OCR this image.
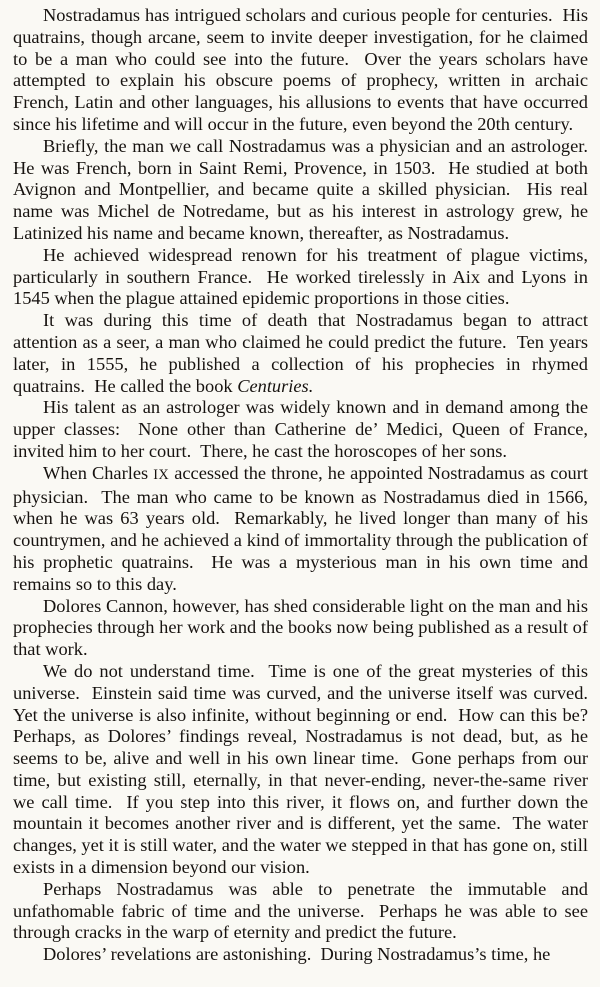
Nostradamus has intrigued scholars and curious people for centuries.  His quatrains, though arcane, seem to invite deeper investigation, for he claimed to be a man who could see into the future.  Over the years scholars have attempted to explain his obscure poems of prophecy, written in archaic French, Latin and other languages, his allusions to events that have occurred since his lifetime and will occur in the future, even beyond the 20th century.

Briefly, the man we call Nostradamus was a physician and an astrologer.  He was French, born in Saint Remi, Provence, in 1503.  He studied at both Avignon and Montpellier, and became quite a skilled physician.  His real name was Michel de Notredame, but as his interest in astrology grew, he Latinized his name and became known, thereafter, as Nostradamus.

He achieved widespread renown for his treatment of plague victims, particularly in southern France.  He worked tirelessly in Aix and Lyons in 1545 when the plague attained epidemic proportions in those cities.

It was during this time of death that Nostradamus began to attract attention as a seer, a man who claimed he could predict the future.  Ten years later, in 1555, he published a collection of his prophecies in rhymed quatrains.  He called the book Centuries.

His talent as an astrologer was widely known and in demand among the upper classes:  None other than Catherine de’ Medici, Queen of France, invited him to her court.  There, he cast the horoscopes of her sons.

When Charles IX accessed the throne, he appointed Nostradamus as court physician.  The man who came to be known as Nostradamus died in 1566, when he was 63 years old.  Remarkably, he lived longer than many of his countrymen, and he achieved a kind of immortality through the publication of his prophetic quatrains.  He was a mysterious man in his own time and remains so to this day.

Dolores Cannon, however, has shed considerable light on the man and his prophecies through her work and the books now being published as a result of that work.

We do not understand time.  Time is one of the great mysteries of this universe.  Einstein said time was curved, and the universe itself was curved.  Yet the universe is also infinite, without beginning or end.  How can this be?  Perhaps, as Dolores’ findings reveal, Nostradamus is not dead, but, as he seems to be, alive and well in his own linear time.  Gone perhaps from our time, but existing still, eternally, in that never-ending, never-the-same river we call time.  If you step into this river, it flows on, and further down the mountain it becomes another river and is different, yet the same.  The water changes, yet it is still water, and the water we stepped in that has gone on, still exists in a dimension beyond our vision.

Perhaps Nostradamus was able to penetrate the immutable and unfathomable fabric of time and the universe.  Perhaps he was able to see through cracks in the warp of eternity and predict the future.

Dolores’ revelations are astonishing.  During Nostradamus’s time, he
